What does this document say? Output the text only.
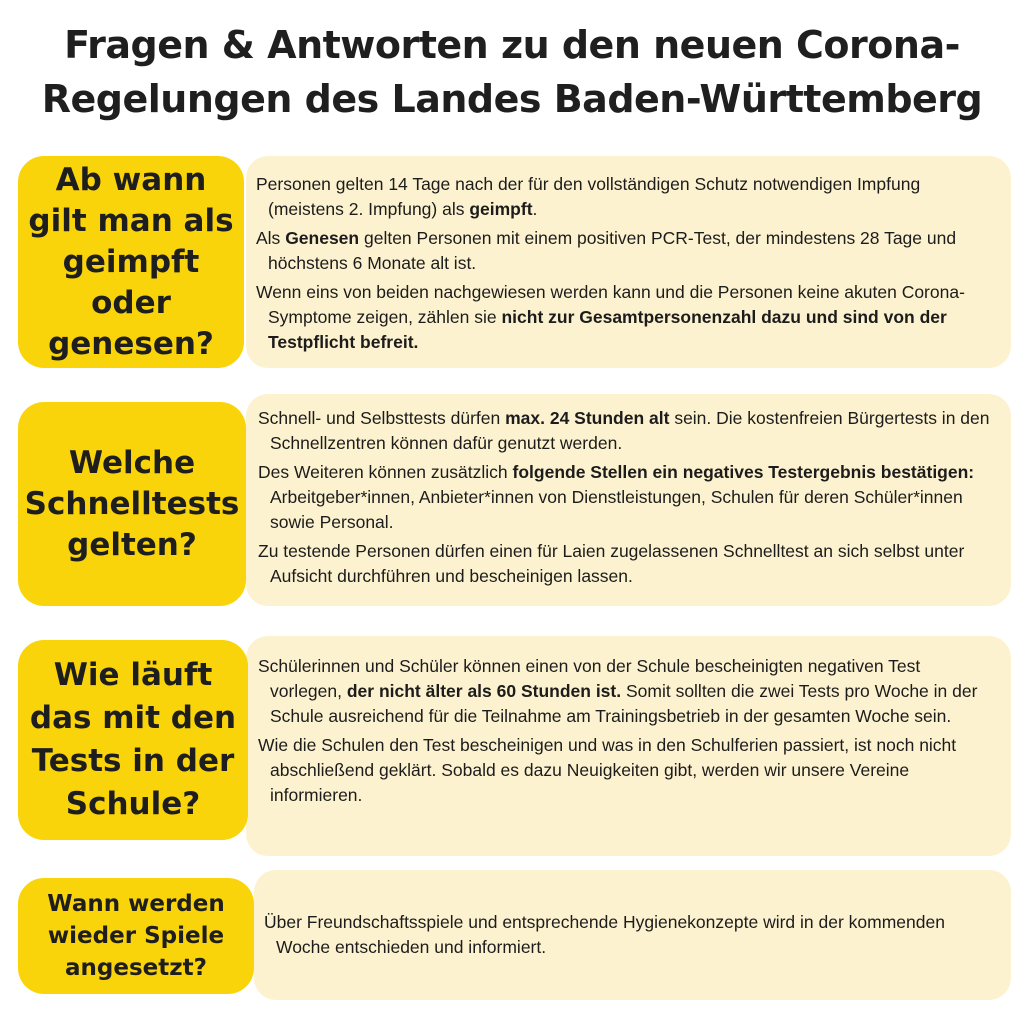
Fragen & Antworten zu den neuen Corona-
Regelungen des Landes Baden-Württemberg

Personen gelten 14 Tage nach der für den vollständigen Schutz notwendigen Impfung (meistens 2. Impfung) als geimpft.

Als Genesen gelten Personen mit einem positiven PCR-Test, der mindestens 28 Tage und höchstens 6 Monate alt ist.

Wenn eins von beiden nachgewiesen werden kann und die Personen keine akuten Corona-Symptome zeigen, zählen sie nicht zur Gesamtpersonenzahl dazu und sind von der Testpflicht befreit.

Ab wann gilt man als geimpft oder genesen?

Schnell- und Selbsttests dürfen max. 24 Stunden alt sein. Die kostenfreien Bürgertests in den Schnellzentren können dafür genutzt werden.

Des Weiteren können zusätzlich folgende Stellen ein negatives Testergebnis bestätigen: Arbeitgeber*innen, Anbieter*innen von Dienstleistungen, Schulen für deren Schüler*innen sowie Personal.

Zu testende Personen dürfen einen für Laien zugelassenen Schnelltest an sich selbst unter Aufsicht durchführen und bescheinigen lassen.

Welche Schnelltests gelten?

Schülerinnen und Schüler können einen von der Schule bescheinigten negativen Test vorlegen, der nicht älter als 60 Stunden ist. Somit sollten die zwei Tests pro Woche in der Schule ausreichend für die Teilnahme am Trainingsbetrieb in der gesamten Woche sein.

Wie die Schulen den Test bescheinigen und was in den Schulferien passiert, ist noch nicht abschließend geklärt. Sobald es dazu Neuigkeiten gibt, werden wir unsere Vereine informieren.

Wie läuft das mit den Tests in der Schule?

Über Freundschaftsspiele und entsprechende Hygienekonzepte wird in der kommenden Woche entschieden und informiert.

Wann werden wieder Spiele angesetzt?
